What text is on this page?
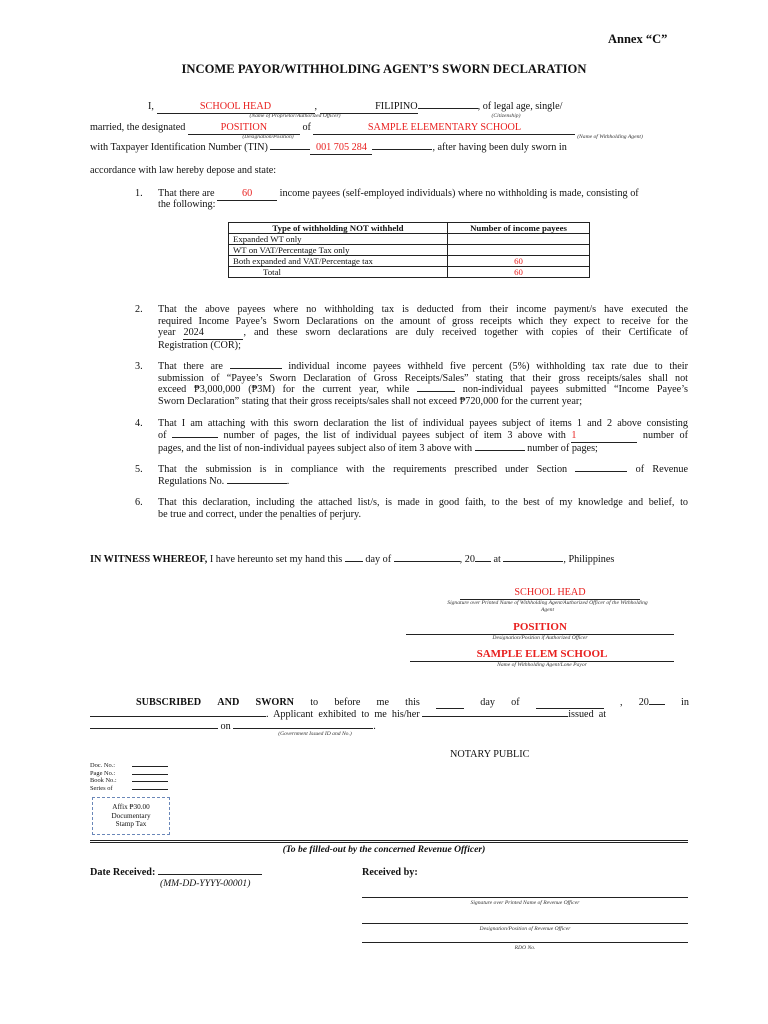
Annex “C”
INCOME PAYOR/WITHHOLDING AGENT’S SWORN DECLARATION
I,	SCHOOL HEAD	,	FILIPINO	, of legal age, single/
(Name of Proprietor/Authorized Officer)	(Citizenship)
married, the designated	POSITION	of	SAMPLE ELEMENTARY SCHOOL
(Designation/Position)	(Name of Withholding Agent)
with Taxpayer Identification Number (TIN)	001 705 284	, after having been duly sworn in
accordance with law hereby depose and state:
1. That there are	60	income payees (self-employed individuals) where no withholding is made, consisting of
the following:
Type of withholding NOT withheld	Number of income payees
Expanded WT only	
WT on VAT/Percentage Tax only	
Both expanded and VAT/Percentage tax	60
Total	60
2. That the above payees where no withholding tax is deducted from their income payment/s have executed the
required Income Payee’s Sworn Declarations on the amount of gross receipts which they expect to receive for the
year 2024	, and these sworn declarations are duly received together with copies of their Certificate of
Registration (COR);
3. That there are	individual income payees withheld five percent (5%) withholding tax rate due to their
submission of “Payee’s Sworn Declaration of Gross Receipts/Sales” stating that their gross receipts/sales shall not
exceed ₱3,000,000 (₱3M) for the current year, while	non-individual payees submitted “Income Payee’s
Sworn Declaration” stating that their gross receipts/sales shall not exceed ₱720,000 for the current year;
4. That I am attaching with this sworn declaration the list of individual payees subject of items 1 and 2 above consisting
of	number of pages, the list of individual payees subject of item 3 above with 1	number of
pages, and the list of non-individual payees subject also of item 3 above with	number of pages;
5. That the submission is in compliance with the requirements prescribed under Section	of Revenue
Regulations No.	.
6. That this declaration, including the attached list/s, is made in good faith, to the best of my knowledge and belief, to
be true and correct, under the penalties of perjury.
IN WITNESS WHEREOF, I have hereunto set my hand this day of	, 20 at	, Philippines
SCHOOL HEAD
Signature over Printed Name of Withholding Agent/Authorized Officer of the Withholding
Agent
POSITION
Designation/Position if Authorized Officer
SAMPLE ELEM SCHOOL
Name of Withholding Agent/Lone Payor
SUBSCRIBED AND SWORN to before me this	day of	, 20	in
.  Applicant  exhibited  to  me  his/her	issued  at
on	.
(Government Issued ID and No.)
NOTARY PUBLIC
Doc. No.:
Page No.:
Book No.:
Series of
Affix ₱30.00
Documentary
Stamp Tax
(To be filled-out by the concerned Revenue Officer)
Date Received:
(MM-DD-YYYY-00001)
Received by:
Signature over Printed Name of Revenue Officer
Designation/Position of Revenue Officer
RDO No.
